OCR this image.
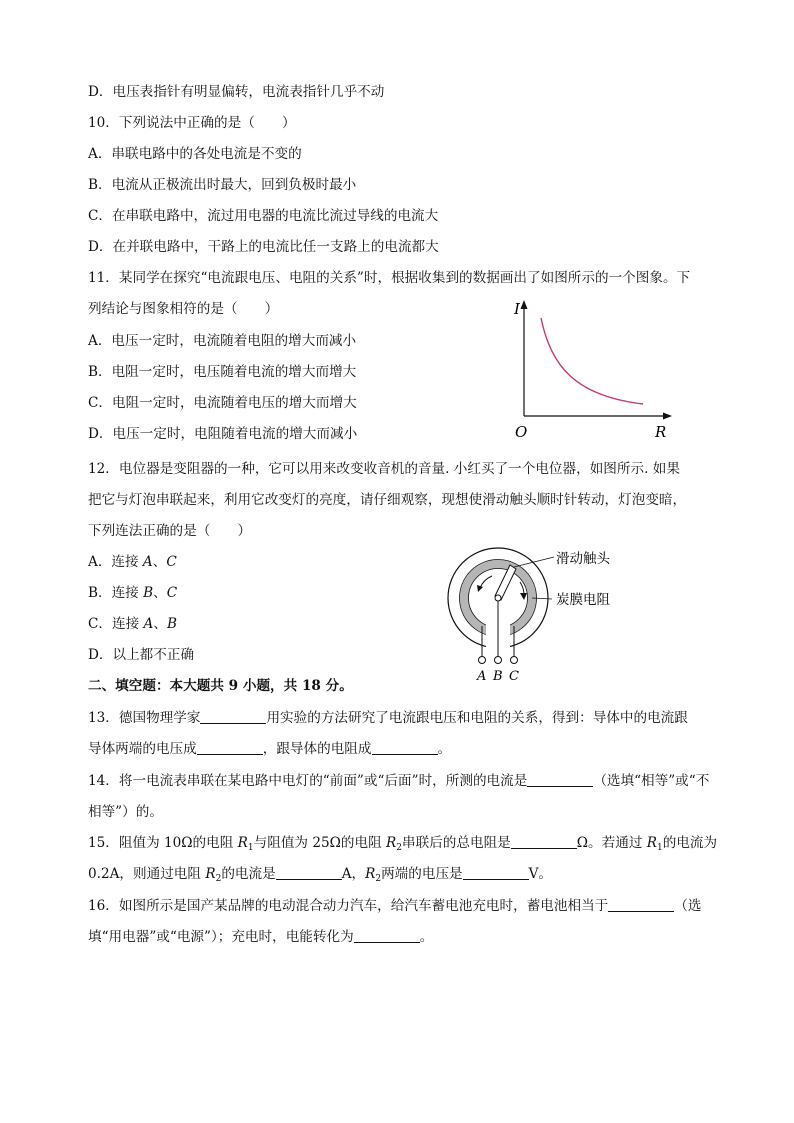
D．电压表指针有明显偏转，电流表指针几乎不动
10．下列说法中正确的是（　　）
A．串联电路中的各处电流是不变的
B．电流从正极流出时最大，回到负极时最小
C．在串联电路中，流过用电器的电流比流过导线的电流大
D．在并联电路中，干路上的电流比任一支路上的电流都大
11．某同学在探究“电流跟电压、电阻的关系”时，根据收集到的数据画出了如图所示的一个图象。下
列结论与图象相符的是（　　）
A．电压一定时，电流随着电阻的增大而减小
B．电阻一定时，电压随着电流的增大而增大
C．电阻一定时，电流随着电压的增大而增大
D．电压一定时，电阻随着电流的增大而减小
I
O	R
12．电位器是变阻器的一种，它可以用来改变收音机的音量. 小红买了一个电位器，如图所示. 如果
把它与灯泡串联起来，利用它改变灯的亮度，请仔细观察，现想使滑动触头顺时针转动，灯泡变暗，
下列连法正确的是（　　）
A．连接 A、C
B．连接 B、C
C．连接 A、B
D．以上都不正确
滑动触头
炭膜电阻
A B C
二、填空题：本大题共 9 小题，共 18 分。
13．德国物理学家	用实验的方法研究了电流跟电压和电阻的关系，得到：导体中的电流跟
导体两端的电压成	，跟导体的电阻成	。
14．将一电流表串联在某电路中电灯的“前面”或“后面”时，所测的电流是	（选填“相等”或“不
相等”）的。
15．阻值为 10Ω的电阻 $R_1$与阻值为 25Ω的电阻 $R_2$串联后的总电阻是	Ω。若通过 $R_1$的电流为
0.2A，则通过电阻 $R_2$的电流是	A，$R_2$两端的电压是	V。
16．如图所示是国产某品牌的电动混合动力汽车，给汽车蓄电池充电时，蓄电池相当于	（选
填“用电器”或“电源”）；充电时，电能转化为	。
